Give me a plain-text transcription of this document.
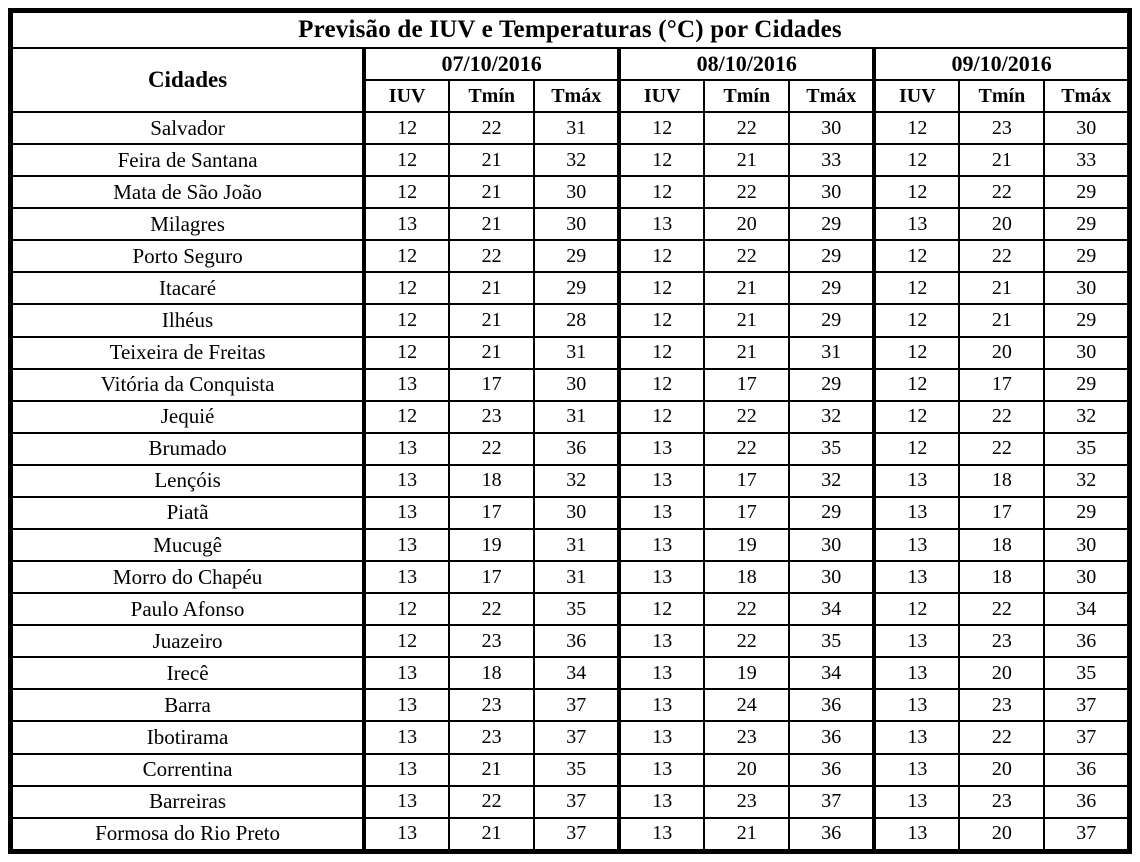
Previsão de IUV e Temperaturas (°C) por Cidades									
Cidades	07/10/2016			08/10/2016			09/10/2016		
	IUV	Tmín	Tmáx	IUV	Tmín	Tmáx	IUV	Tmín	Tmáx
Salvador	12	22	31	12	22	30	12	23	30
Feira de Santana	12	21	32	12	21	33	12	21	33
Mata de São João	12	21	30	12	22	30	12	22	29
Milagres	13	21	30	13	20	29	13	20	29
Porto Seguro	12	22	29	12	22	29	12	22	29
Itacaré	12	21	29	12	21	29	12	21	30
Ilhéus	12	21	28	12	21	29	12	21	29
Teixeira de Freitas	12	21	31	12	21	31	12	20	30
Vitória da Conquista	13	17	30	12	17	29	12	17	29
Jequié	12	23	31	12	22	32	12	22	32
Brumado	13	22	36	13	22	35	12	22	35
Lençóis	13	18	32	13	17	32	13	18	32
Piatã	13	17	30	13	17	29	13	17	29
Mucugê	13	19	31	13	19	30	13	18	30
Morro do Chapéu	13	17	31	13	18	30	13	18	30
Paulo Afonso	12	22	35	12	22	34	12	22	34
Juazeiro	12	23	36	13	22	35	13	23	36
Irecê	13	18	34	13	19	34	13	20	35
Barra	13	23	37	13	24	36	13	23	37
Ibotirama	13	23	37	13	23	36	13	22	37
Correntina	13	21	35	13	20	36	13	20	36
Barreiras	13	22	37	13	23	37	13	23	36
Formosa do Rio Preto	13	21	37	13	21	36	13	20	37
